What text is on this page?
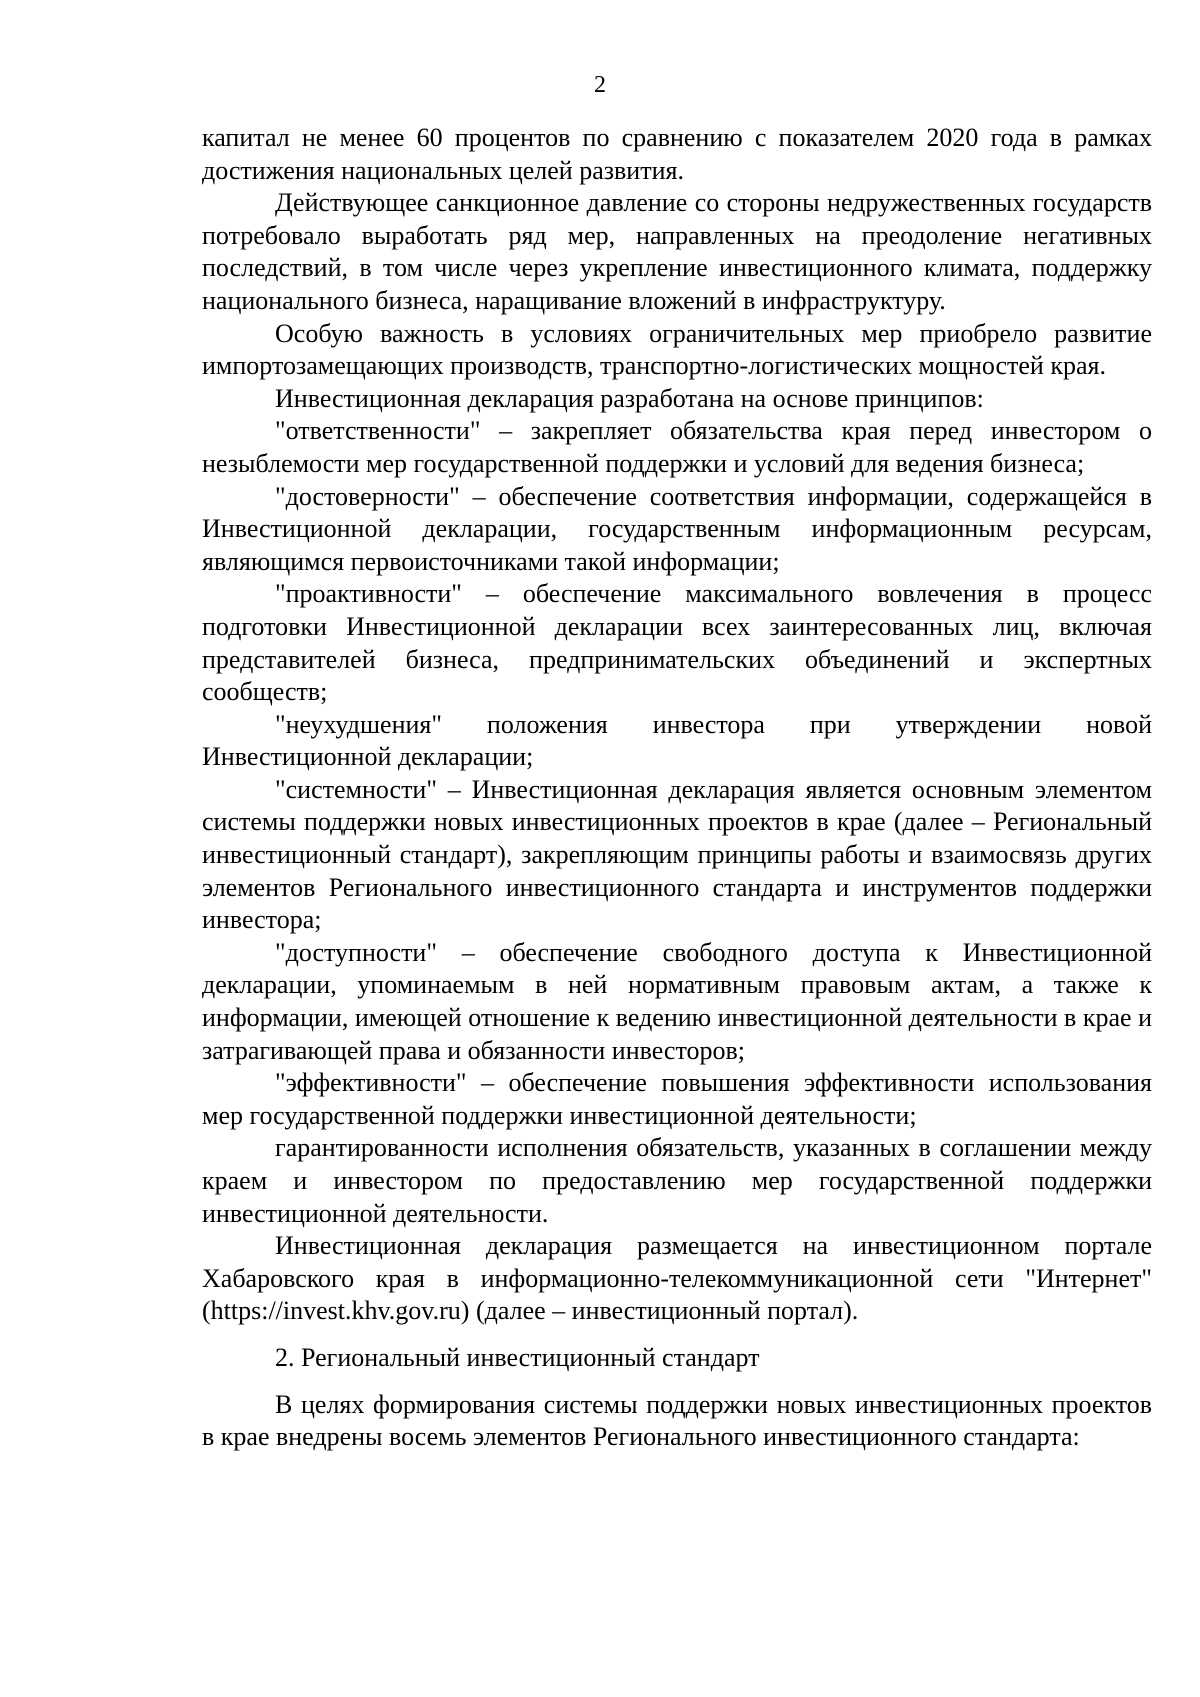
2

капитал не менее 60 процентов по сравнению с показателем 2020 года в рамках достижения национальных целей развития.

Действующее санкционное давление со стороны недружественных государств потребовало выработать ряд мер, направленных на преодоление негативных последствий, в том числе через укрепление инвестиционного климата, поддержку национального бизнеса, наращивание вложений в инфраструктуру.

Особую важность в условиях ограничительных мер приобрело развитие импортозамещающих производств, транспортно-логистических мощностей края.

Инвестиционная декларация разработана на основе принципов:

"ответственности" – закрепляет обязательства края перед инвестором о незыблемости мер государственной поддержки и условий для ведения бизнеса;

"достоверности" – обеспечение соответствия информации, содержащейся в Инвестиционной декларации, государственным информационным ресурсам, являющимся первоисточниками такой информации;

"проактивности" – обеспечение максимального вовлечения в процесс подготовки Инвестиционной декларации всех заинтересованных лиц, включая представителей бизнеса, предпринимательских объединений и экспертных сообществ;

"неухудшения" положения инвестора при утверждении новой Инвестиционной декларации;

"системности" – Инвестиционная декларация является основным элементом системы поддержки новых инвестиционных проектов в крае (далее – Региональный инвестиционный стандарт), закрепляющим принципы работы и взаимосвязь других элементов Регионального инвестиционного стандарта и инструментов поддержки инвестора;

"доступности" – обеспечение свободного доступа к Инвестиционной декларации, упоминаемым в ней нормативным правовым актам, а также к информации, имеющей отношение к ведению инвестиционной деятельности в крае и затрагивающей права и обязанности инвесторов;

"эффективности" – обеспечение повышения эффективности использования мер государственной поддержки инвестиционной деятельности;

гарантированности исполнения обязательств, указанных в соглашении между краем и инвестором по предоставлению мер государственной поддержки инвестиционной деятельности.

Инвестиционная декларация размещается на инвестиционном портале Хабаровского края в информационно-телекоммуникационной сети "Интернет" (https://invest.khv.gov.ru) (далее – инвестиционный портал).

2. Региональный инвестиционный стандарт

В целях формирования системы поддержки новых инвестиционных проектов в крае внедрены восемь элементов Регионального инвестиционного стандарта:
